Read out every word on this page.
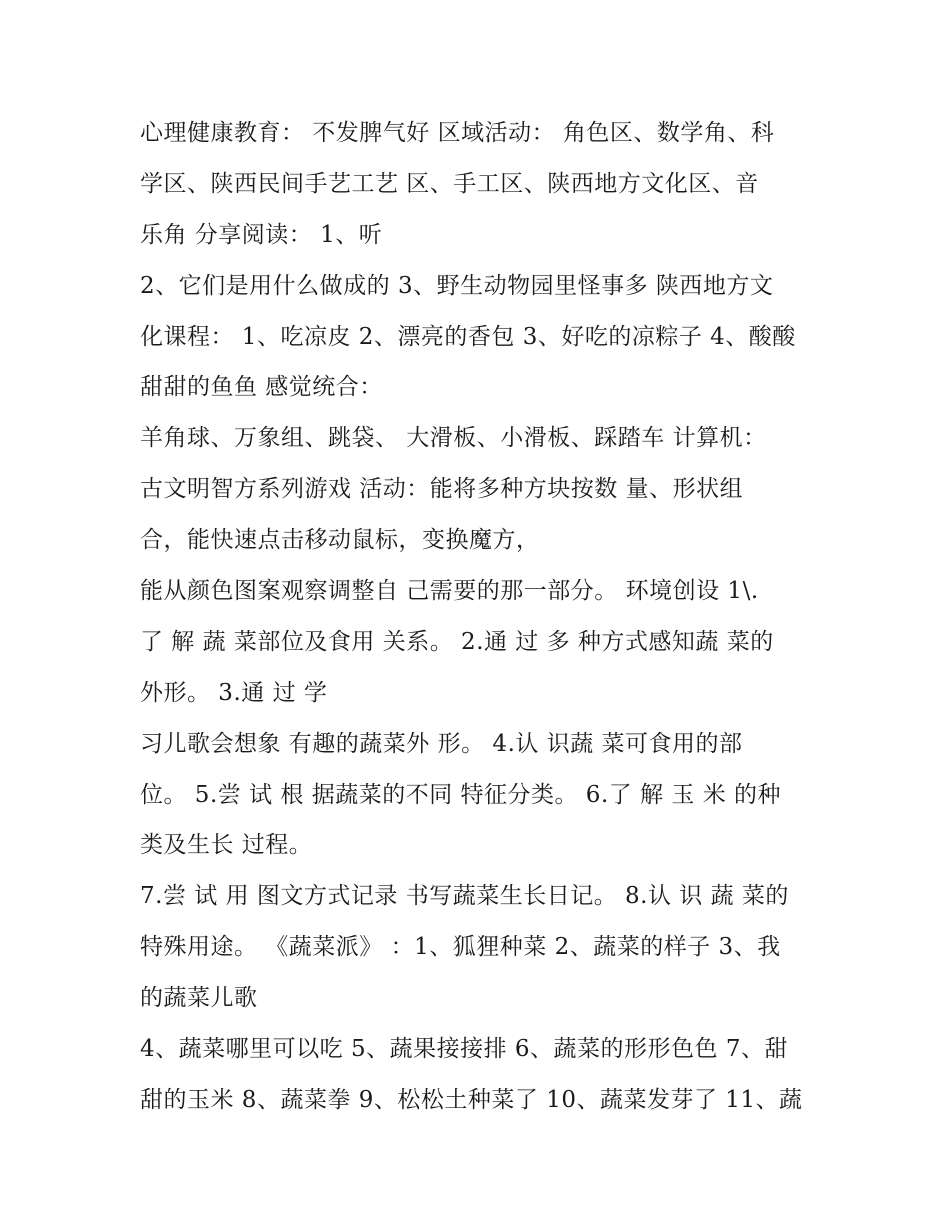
心理健康教育： 不发脾气好 区域活动： 角色区、数学角、科
学区、陕西民间手艺工艺 区、手工区、陕西地方文化区、音
乐角 分享阅读： 1、听
2、它们是用什么做成的 3、野生动物园里怪事多 陕西地方文
化课程： 1、吃凉皮 2、漂亮的香包 3、好吃的凉粽子 4、酸酸
甜甜的鱼鱼 感觉统合：
羊角球、万象组、跳袋、 大滑板、小滑板、踩踏车 计算机：
古文明智方系列游戏 活动：能将多种方块按数 量、形状组
合，能快速点击移动鼠标，变换魔方，
能从颜色图案观察调整自 己需要的那一部分。 环境创设 1\.
了 解 蔬 菜部位及食用 关系。 2.通 过 多 种方式感知蔬 菜的
外形。 3.通 过 学
习儿歌会想象 有趣的蔬菜外 形。 4.认 识蔬 菜可食用的部
位。 5.尝 试 根 据蔬菜的不同 特征分类。 6.了 解 玉 米 的种
类及生长 过程。
7.尝 试 用 图文方式记录 书写蔬菜生长日记。 8.认 识 蔬 菜的
特殊用途。 《蔬菜派》 ：1、狐狸种菜 2、蔬菜的样子 3、我
的蔬菜儿歌
4、蔬菜哪里可以吃 5、蔬果接接排 6、蔬菜的形形色色 7、甜
甜的玉米 8、蔬菜拳 9、松松土种菜了 10、蔬菜发芽了 11、蔬
